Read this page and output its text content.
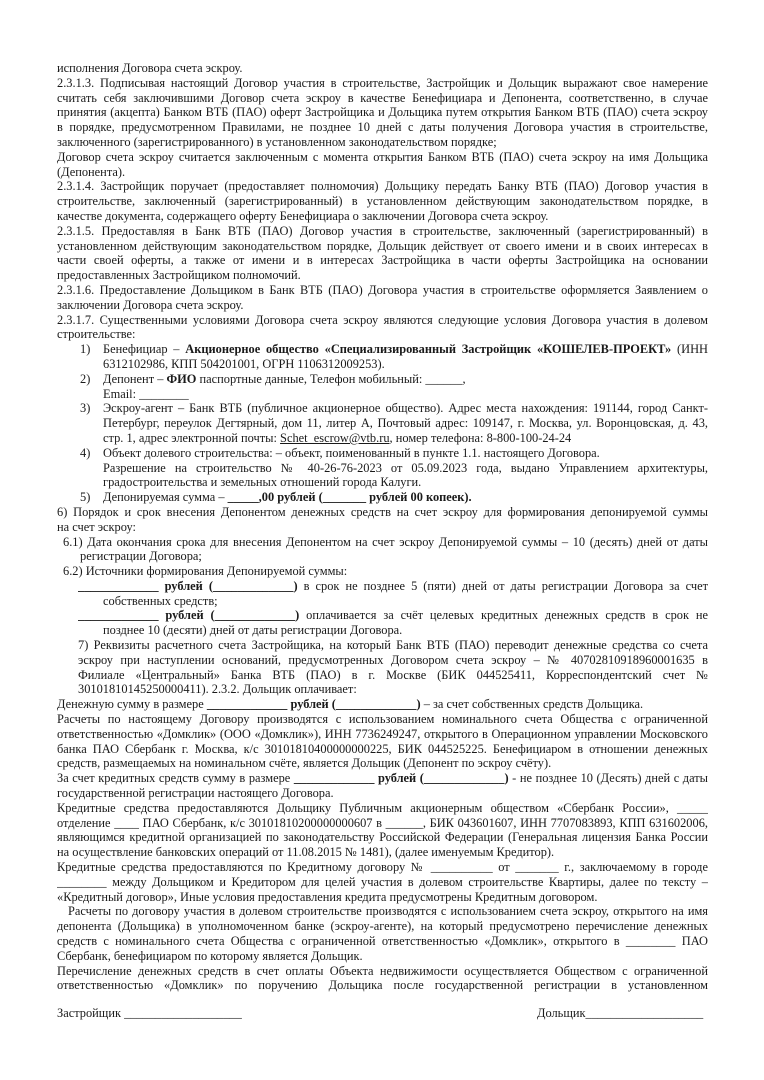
исполнения Договора счета эскроу.
2.3.1.3. Подписывая настоящий Договор участия в строительстве, Застройщик и Дольщик выражают свое намерение
считать себя заключившими Договор счета эскроу в качестве Бенефициара и Депонента, соответственно, в случае
принятия (акцепта) Банком ВТБ (ПАО) оферт Застройщика и Дольщика путем открытия Банком ВТБ (ПАО) счета эскроу
в порядке, предусмотренном Правилами, не позднее 10 дней с даты получения Договора участия в строительстве,
заключенного (зарегистрированного) в установленном законодательством порядке;
Договор счета эскроу считается заключенным с момента открытия Банком ВТБ (ПАО) счета эскроу на имя Дольщика
(Депонента).
2.3.1.4. Застройщик поручает (предоставляет полномочия) Дольщику передать Банку ВТБ (ПАО) Договор участия в
строительстве, заключенный (зарегистрированный) в установленном действующим законодательством порядке, в
качестве документа, содержащего оферту Бенефициара о заключении Договора счета эскроу.
2.3.1.5. Предоставляя в Банк ВТБ (ПАО) Договор участия в строительстве, заключенный (зарегистрированный) в
установленном действующим законодательством порядке, Дольщик действует от своего имени и в своих интересах в
части своей оферты, а также от имени и в интересах Застройщика в части оферты Застройщика на основании
предоставленных Застройщиком полномочий.
2.3.1.6. Предоставление Дольщиком в Банк ВТБ (ПАО) Договора участия в строительстве оформляется Заявлением о
заключении Договора счета эскроу.
2.3.1.7. Существенными условиями Договора счета эскроу являются следующие условия Договора участия в долевом
строительстве:
1) Бенефициар – Акционерное общество «Специализированный Застройщик «КОШЕЛЕВ-ПРОЕКТ» (ИНН
6312102986, КПП 504201001, ОГРН 1106312009253).
2) Депонент – ФИО паспортные данные, Телефон мобильный: ______,
Email: ________
3) Эскроу-агент – Банк ВТБ (публичное акционерное общество). Адрес места нахождения: 191144, город Санкт-
Петербург, переулок Дегтярный, дом 11, литер А, Почтовый адрес: 109147, г. Москва, ул. Воронцовская, д. 43,
стр. 1, адрес электронной почты: Schet_escrow@vtb.ru, номер телефона: 8-800-100-24-24
4) Объект долевого строительства: – объект, поименованный в пункте 1.1. настоящего Договора.
Разрешение на строительство № 40-26-76-2023 от 05.09.2023 года, выдано Управлением архитектуры,
градостроительства и земельных отношений города Калуги.
5) Депонируемая сумма – _____,00 рублей (_______ рублей 00 копеек).
6) Порядок и срок внесения Депонентом денежных средств на счет эскроу для формирования депонируемой суммы
на счет эскроу:
6.1) Дата окончания срока для внесения Депонентом на счет эскроу Депонируемой суммы – 10 (десять) дней от даты
регистрации Договора;
6.2) Источники формирования Депонируемой суммы:
_____________ рублей (_____________) в срок не позднее 5 (пяти) дней от даты регистрации Договора за счет
собственных средств;
_____________ рублей (_____________) оплачивается за счёт целевых кредитных денежных средств в срок не
позднее 10 (десяти) дней от даты регистрации Договора.
7) Реквизиты расчетного счета Застройщика, на который Банк ВТБ (ПАО) переводит денежные средства со счета
эскроу при наступлении оснований, предусмотренных Договором счета эскроу – № 40702810918960001635 в
Филиале «Центральный» Банка ВТБ (ПАО) в г. Москве (БИК 044525411, Корреспондентский счет №
30101810145250000411). 2.3.2. Дольщик оплачивает:
Денежную сумму в размере _____________ рублей (_____________) – за счет собственных средств Дольщика.
Расчеты по настоящему Договору производятся с использованием номинального счета Общества с ограниченной
ответственностью «Домклик» (ООО «Домклик»), ИНН 7736249247, открытого в Операционном управлении Московского
банка ПАО Сбербанк г. Москва, к/с 30101810400000000225, БИК 044525225. Бенефициаром в отношении денежных
средств, размещаемых на номинальном счёте, является Дольщик (Депонент по эскроу счёту).
За счет кредитных средств сумму в размере _____________ рублей (_____________) - не позднее 10 (Десять) дней с даты
государственной регистрации настоящего Договора.
Кредитные средства предоставляются Дольщику Публичным акционерным обществом «Сбербанк России», _____
отделение ____ ПАО Сбербанк, к/с 30101810200000000607 в ______, БИК 043601607, ИНН 7707083893, КПП 631602006,
являющимся кредитной организацией по законодательству Российской Федерации (Генеральная лицензия Банка России
на осуществление банковских операций от 11.08.2015 № 1481), (далее именуемым Кредитор).
Кредитные средства предоставляются по Кредитному договору № __________ от _______ г., заключаемому в городе
________ между Дольщиком и Кредитором для целей участия в долевом строительстве Квартиры, далее по тексту –
«Кредитный договор», Иные условия предоставления кредита предусмотрены Кредитным договором.
Расчеты по договору участия в долевом строительстве производятся с использованием счета эскроу, открытого на имя
депонента (Дольщика) в уполномоченном банке (эскроу-агенте), на который предусмотрено перечисление денежных
средств с номинального счета Общества с ограниченной ответственностью «Домклик», открытого в ________ ПАО
Сбербанк, бенефициаром по которому является Дольщик.
Перечисление денежных средств в счет оплаты Объекта недвижимости осуществляется Обществом с ограниченной
ответственностью «Домклик» по поручению Дольщика после государственной регистрации в установленном
Застройщик ___________________	Дольщик___________________
